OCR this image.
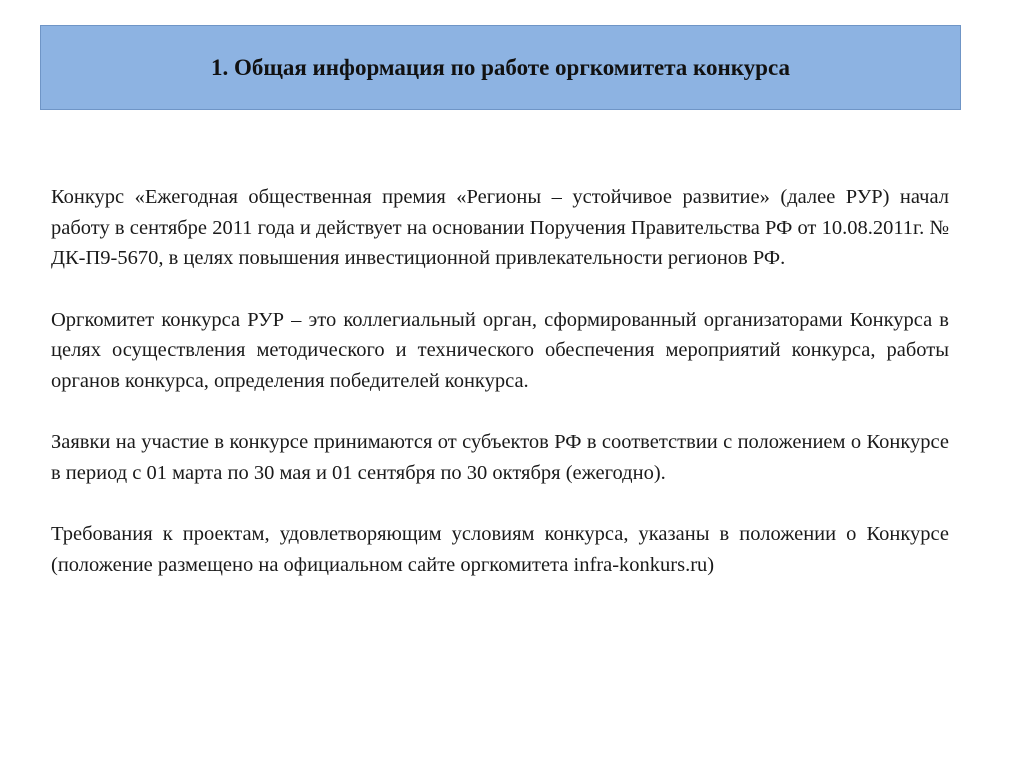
1. Общая информация по работе оргкомитета конкурса

Конкурс «Ежегодная общественная премия «Регионы – устойчивое развитие» (далее РУР) начал работу в сентябре 2011 года и действует на основании Поручения Правительства РФ от 10.08.2011г. № ДК-П9-5670, в целях повышения инвестиционной привлекательности регионов РФ.

Оргкомитет конкурса РУР – это коллегиальный орган, сформированный организаторами Конкурса в целях осуществления методического и технического обеспечения мероприятий конкурса, работы органов конкурса, определения победителей конкурса.

Заявки на участие в конкурсе принимаются от субъектов РФ в соответствии с положением о Конкурсе в период с 01 марта по 30 мая и 01 сентября по 30 октября (ежегодно).

Требования к проектам, удовлетворяющим условиям конкурса, указаны в положении о Конкурсе (положение размещено на официальном сайте оргкомитета infra-konkurs.ru)
